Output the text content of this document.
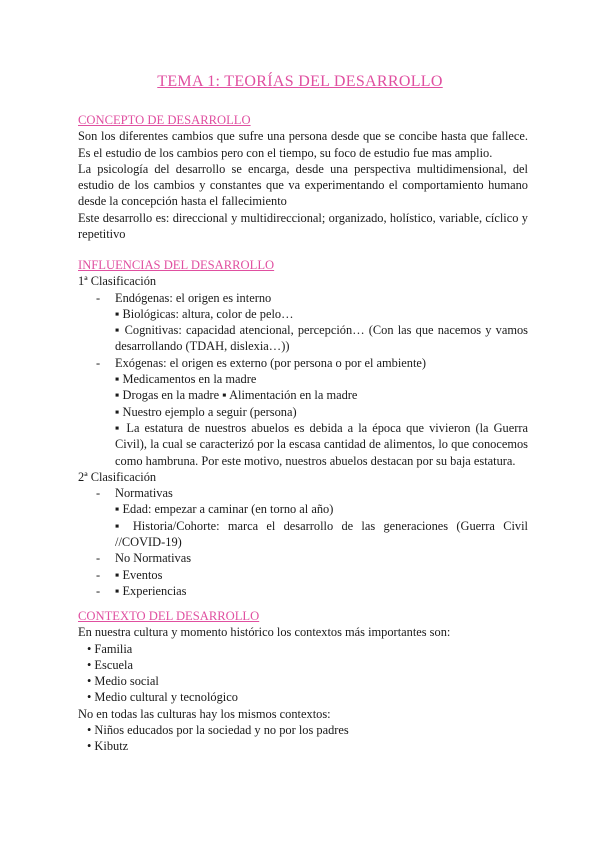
TEMA 1: TEORÍAS DEL DESARROLLO
CONCEPTO DE DESARROLLO
Son los diferentes cambios que sufre una persona desde que se concibe hasta que fallece. Es el estudio de los cambios pero con el tiempo, su foco de estudio fue mas amplio.
La psicología del desarrollo se encarga, desde una perspectiva multidimensional, del estudio de los cambios y constantes que va experimentando el comportamiento humano desde la concepción hasta el fallecimiento
Este desarrollo es: direccional y multidireccional; organizado, holístico, variable, cíclico y repetitivo
INFLUENCIAS DEL DESARROLLO
1ª Clasificación
- Endógenas: el origen es interno
▪ Biológicas: altura, color de pelo…
▪ Cognitivas: capacidad atencional, percepción… (Con las que nacemos y vamos desarrollando (TDAH, dislexia…))
- Exógenas: el origen es externo (por persona o por el ambiente)
▪ Medicamentos en la madre
▪ Drogas en la madre ▪ Alimentación en la madre
▪ Nuestro ejemplo a seguir (persona)
▪ La estatura de nuestros abuelos es debida a la época que vivieron (la Guerra Civil), la cual se caracterizó por la escasa cantidad de alimentos, lo que conocemos como hambruna. Por este motivo, nuestros abuelos destacan por su baja estatura.
2ª Clasificación
- Normativas
▪ Edad: empezar a caminar (en torno al año)
▪ Historia/Cohorte: marca el desarrollo de las generaciones (Guerra Civil //COVID-19)
- No Normativas
- ▪ Eventos
- ▪ Experiencias
CONTEXTO DEL DESARROLLO
En nuestra cultura y momento histórico los contextos más importantes son:
• Familia
• Escuela
• Medio social
• Medio cultural y tecnológico
No en todas las culturas hay los mismos contextos:
• Niños educados por la sociedad y no por los padres
• Kibutz
